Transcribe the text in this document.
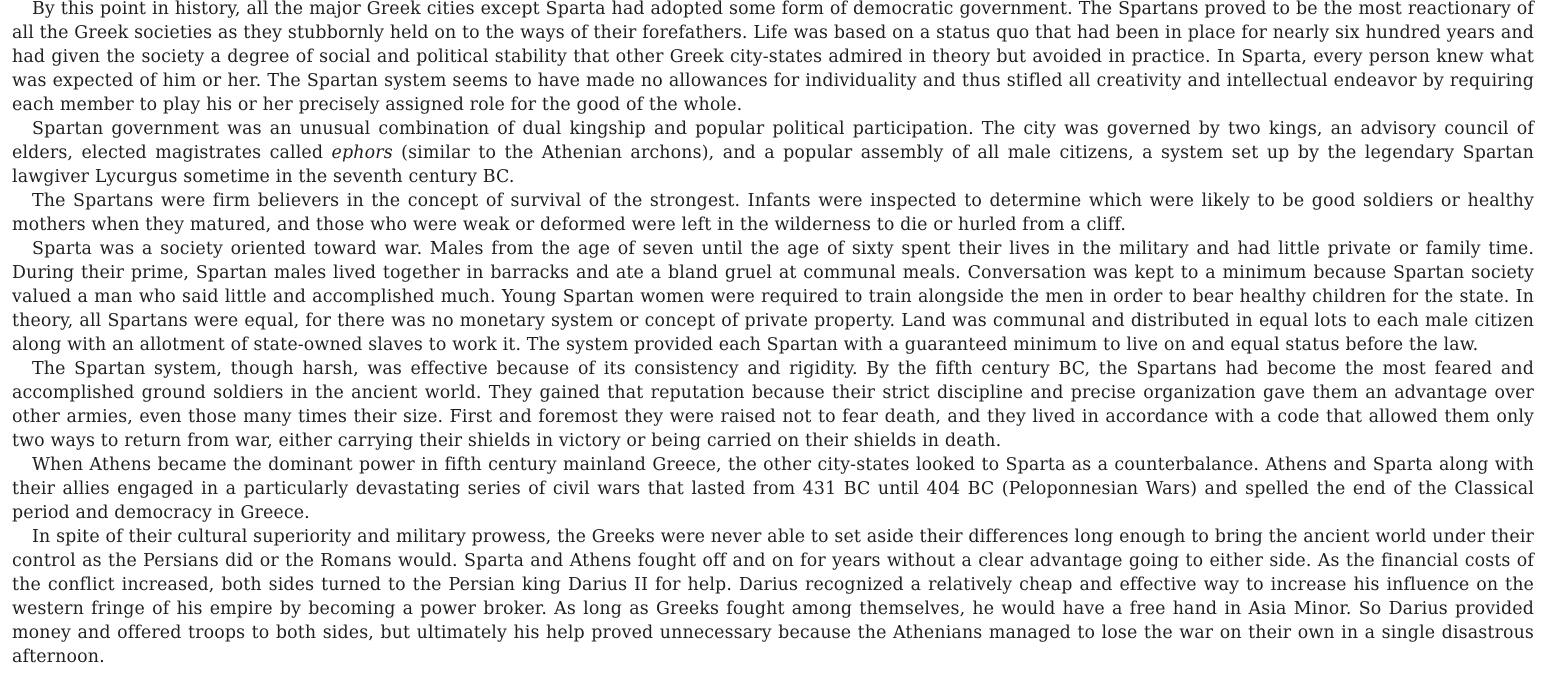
By this point in history, all the major Greek cities except Sparta had adopted some form of democratic government. The Spartans proved to be the most reactionary of all the Greek societies as they stubbornly held on to the ways of their forefathers. Life was based on a status quo that had been in place for nearly six hundred years and had given the society a degree of social and political stability that other Greek city-states admired in theory but avoided in practice. In Sparta, every person knew what was expected of him or her. The Spartan system seems to have made no allowances for individuality and thus stifled all creativity and intellectual endeavor by requiring each member to play his or her precisely assigned role for the good of the whole.

Spartan government was an unusual combination of dual kingship and popular political participation. The city was governed by two kings, an advisory council of elders, elected magistrates called ephors (similar to the Athenian archons), and a popular assembly of all male citizens, a system set up by the legendary Spartan lawgiver Lycurgus sometime in the seventh century BC.

The Spartans were firm believers in the concept of survival of the strongest. Infants were inspected to determine which were likely to be good soldiers or healthy mothers when they matured, and those who were weak or deformed were left in the wilderness to die or hurled from a cliff.

Sparta was a society oriented toward war. Males from the age of seven until the age of sixty spent their lives in the military and had little private or family time. During their prime, Spartan males lived together in barracks and ate a bland gruel at communal meals. Conversation was kept to a minimum because Spartan society valued a man who said little and accomplished much. Young Spartan women were required to train alongside the men in order to bear healthy children for the state. In theory, all Spartans were equal, for there was no monetary system or concept of private property. Land was communal and distributed in equal lots to each male citizen along with an allotment of state-owned slaves to work it. The system provided each Spartan with a guaranteed minimum to live on and equal status before the law.

The Spartan system, though harsh, was effective because of its consistency and rigidity. By the fifth century BC, the Spartans had become the most feared and accomplished ground soldiers in the ancient world. They gained that reputation because their strict discipline and precise organization gave them an advantage over other armies, even those many times their size. First and foremost they were raised not to fear death, and they lived in accordance with a code that allowed them only two ways to return from war, either carrying their shields in victory or being carried on their shields in death.

When Athens became the dominant power in fifth century mainland Greece, the other city-states looked to Sparta as a counterbalance. Athens and Sparta along with their allies engaged in a particularly devastating series of civil wars that lasted from 431 BC until 404 BC (Peloponnesian Wars) and spelled the end of the Classical period and democracy in Greece.

In spite of their cultural superiority and military prowess, the Greeks were never able to set aside their differences long enough to bring the ancient world under their control as the Persians did or the Romans would. Sparta and Athens fought off and on for years without a clear advantage going to either side. As the financial costs of the conflict increased, both sides turned to the Persian king Darius II for help. Darius recognized a relatively cheap and effective way to increase his influence on the western fringe of his empire by becoming a power broker. As long as Greeks fought among themselves, he would have a free hand in Asia Minor. So Darius provided money and offered troops to both sides, but ultimately his help proved unnecessary because the Athenians managed to lose the war on their own in a single disastrous afternoon.
